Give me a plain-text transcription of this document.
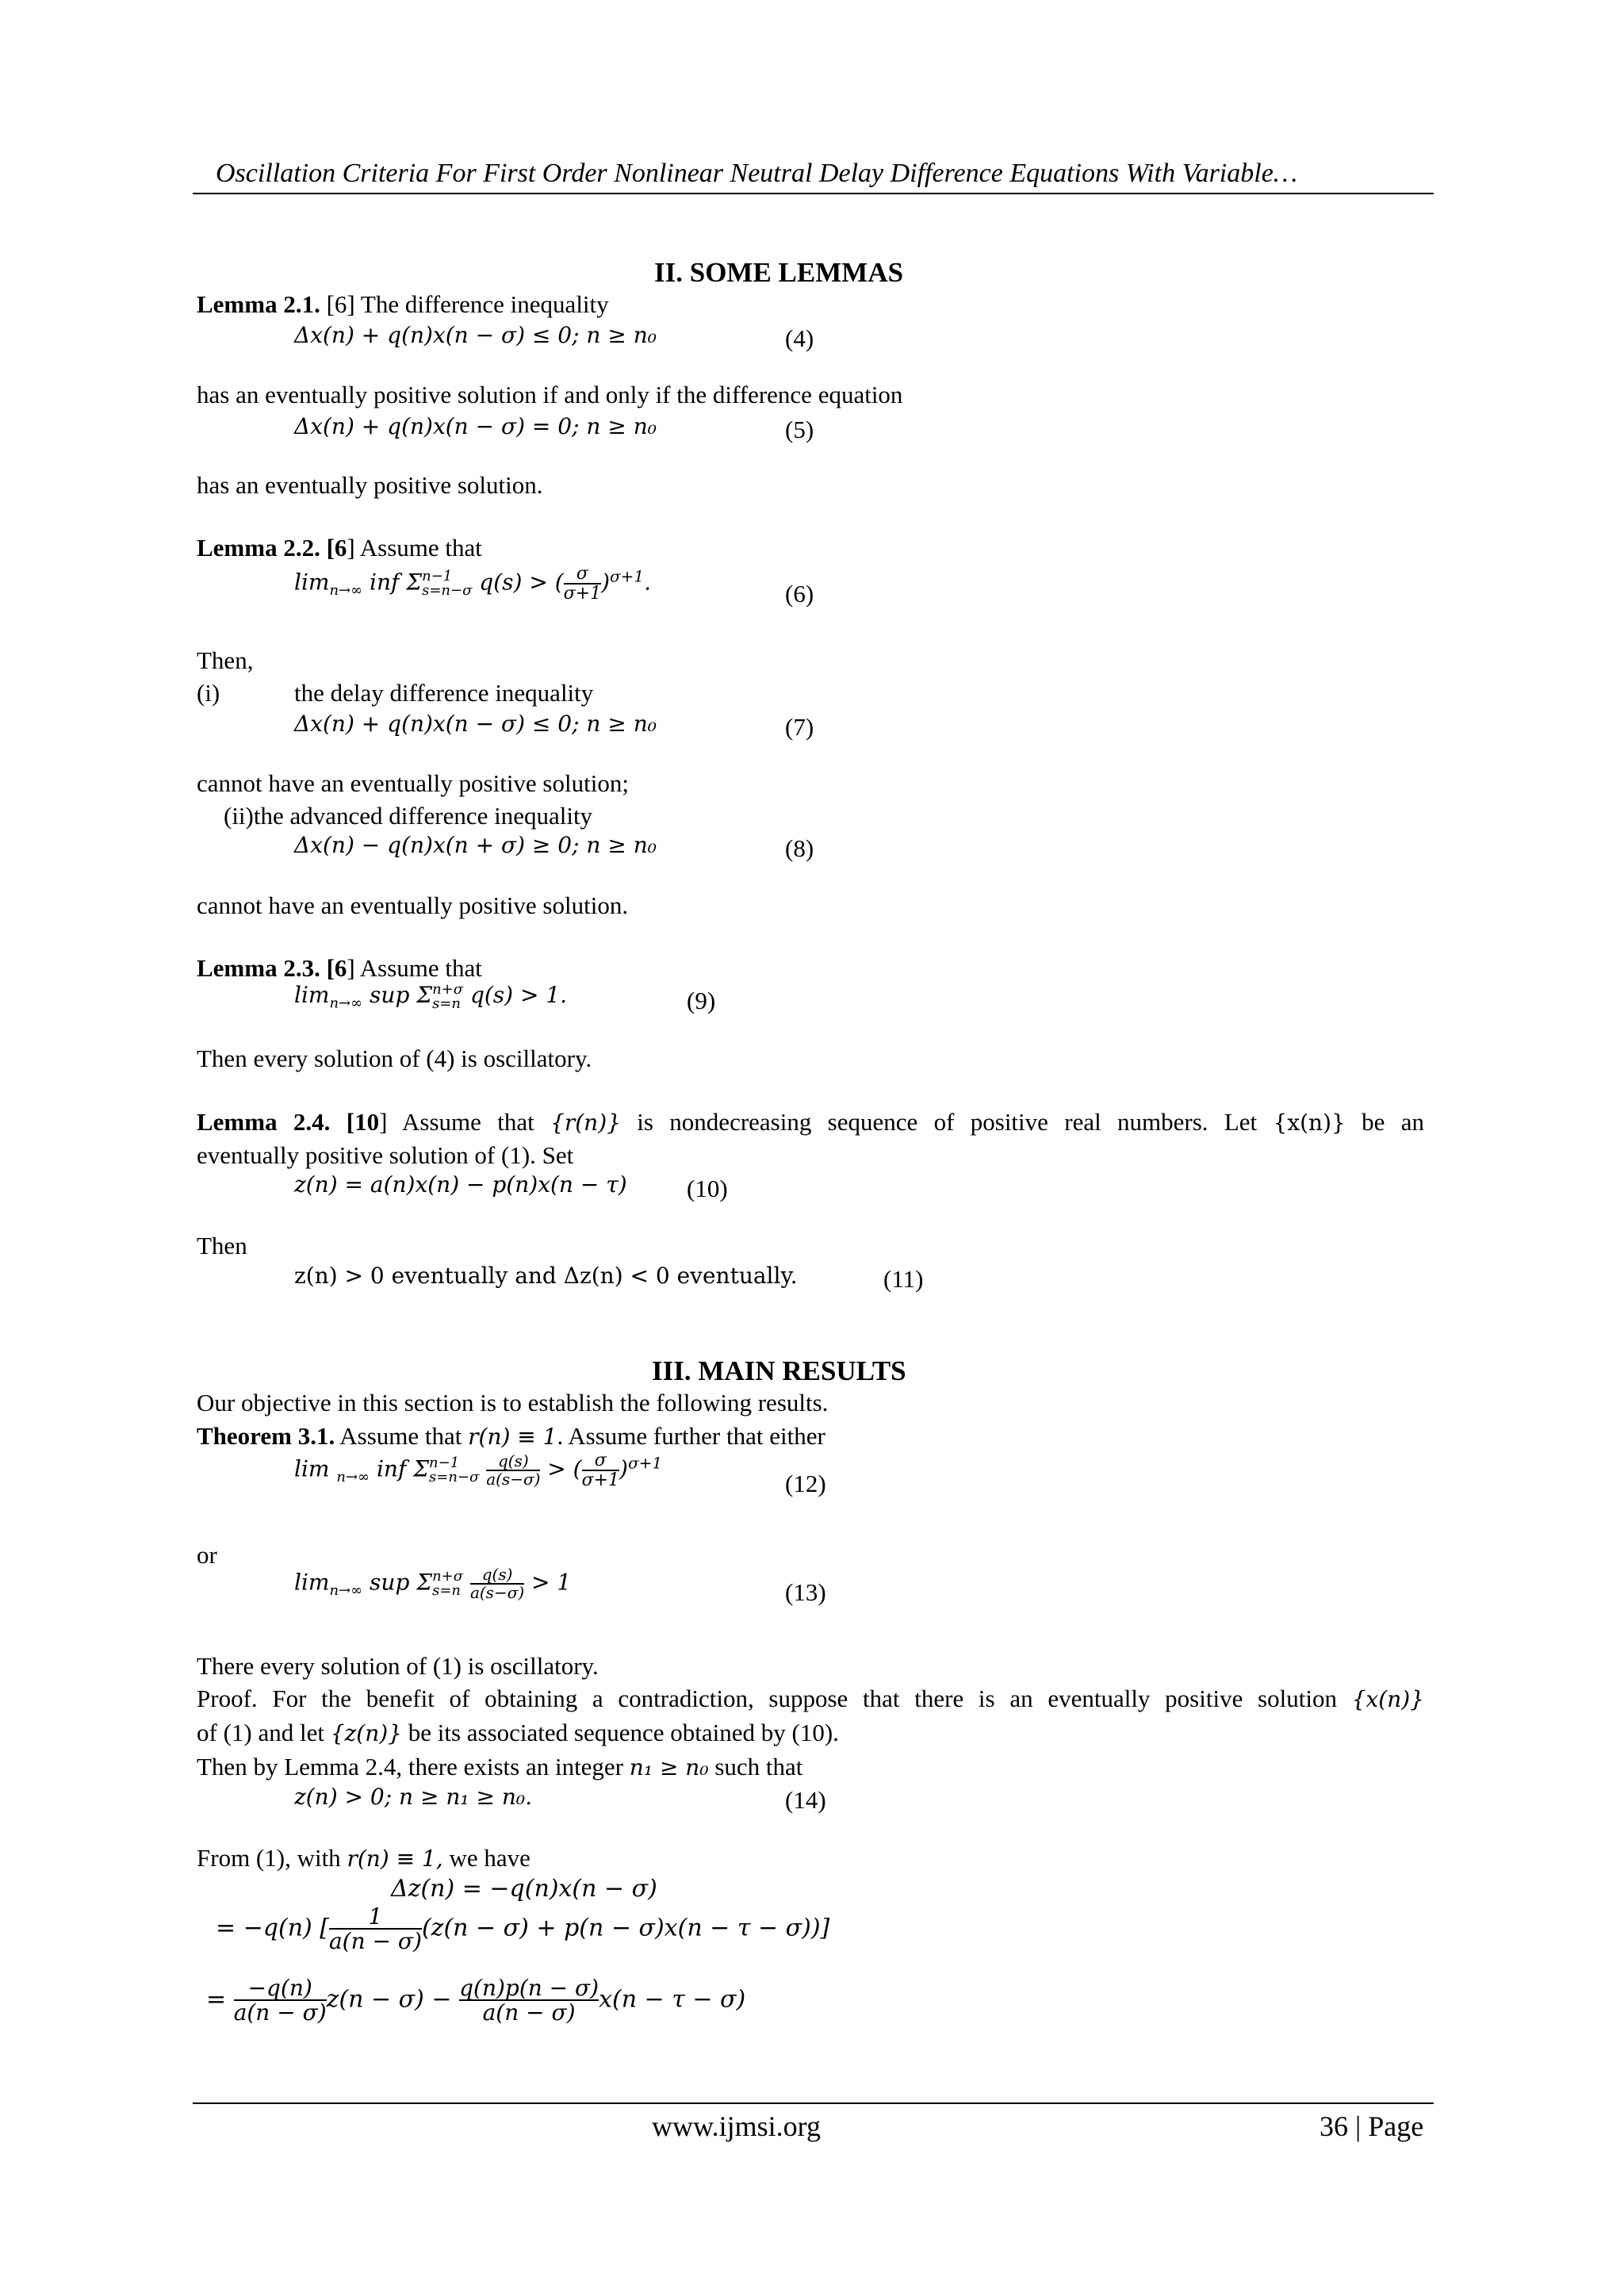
Oscillation Criteria For First Order Nonlinear Neutral Delay Difference Equations With Variable…
II. SOME LEMMAS
Lemma 2.1. [6] The difference inequality
Δx(n) + q(n)x(n − σ) ≤ 0; n ≥ n₀	(4)
has an eventually positive solution if and only if the difference equation
Δx(n) + q(n)x(n − σ) = 0; n ≥ n₀	(5)
has an eventually positive solution.
Lemma 2.2. [6] Assume that
$\lim_{n\to\infty}$ inf Σ n−1
s=n−σ q(s) > ( $\frac{\sigma}{\sigma+1} )^{\sigma+1}$.	(6)
Then,
(i)	the delay difference inequality
Δx(n) + q(n)x(n − σ) ≤ 0; n ≥ n₀	(7)
cannot have an eventually positive solution;
(ii)the advanced difference inequality
Δx(n) − q(n)x(n + σ) ≥ 0; n ≥ n₀	(8)
cannot have an eventually positive solution.
Lemma 2.3. [6] Assume that
$\lim_{n\to\infty}$ sup Σ n+σ
s=n q(s) > 1.	(9)
Then every solution of (4) is oscillatory.
Lemma 2.4. [10] Assume that {r(n)} is nondecreasing sequence of positive real numbers. Let {x(n)} be an
eventually positive solution of (1). Set
z(n) = a(n)x(n) − p(n)x(n − τ) (10)
Then
z(n) > 0 eventually and Δz(n) < 0 eventually.	(11)
III. MAIN RESULTS
Our objective in this section is to establish the following results.
Theorem 3.1. Assume that r(n) ≡ 1. Assume further that either
lim $_{n\to\infty}$ inf Σ n−1
s=n−σ
$\frac{q(s)}{a(s-\sigma)}$ > ( $\frac{\sigma}{\sigma+1} )^{\sigma+1}$
(12)
or
$\lim_{n\to\infty}$ sup Σ n+σ
s=n
$\frac{q(s)}{a(s-\sigma)} > 1$	(13)
There every solution of (1) is oscillatory.
Proof. For the benefit of obtaining a contradiction, suppose that there is an eventually positive solution {x(n)}
of (1) and let {z(n)} be its associated sequence obtained by (10).
Then by Lemma 2.4, there exists an integer n₁ ≥ n₀ such that
z(n) > 0; n ≥ n₁ ≥ n₀.	(14)
From (1), with r(n) ≡ 1, we have
Δz(n) = −q(n)x(n − σ)
= −q(n) [ $\frac{1}{a(n - \sigma)} (z(n - \sigma) + p(n - \sigma)x(n - \tau - \sigma))$]
= $\frac{-q(n)}{a(n - \sigma)} z(n - \sigma) - \frac{q(n)p(n - \sigma)}{a(n - \sigma)} x(n - \tau - \sigma)$
www.ijmsi.org	36 | Page
